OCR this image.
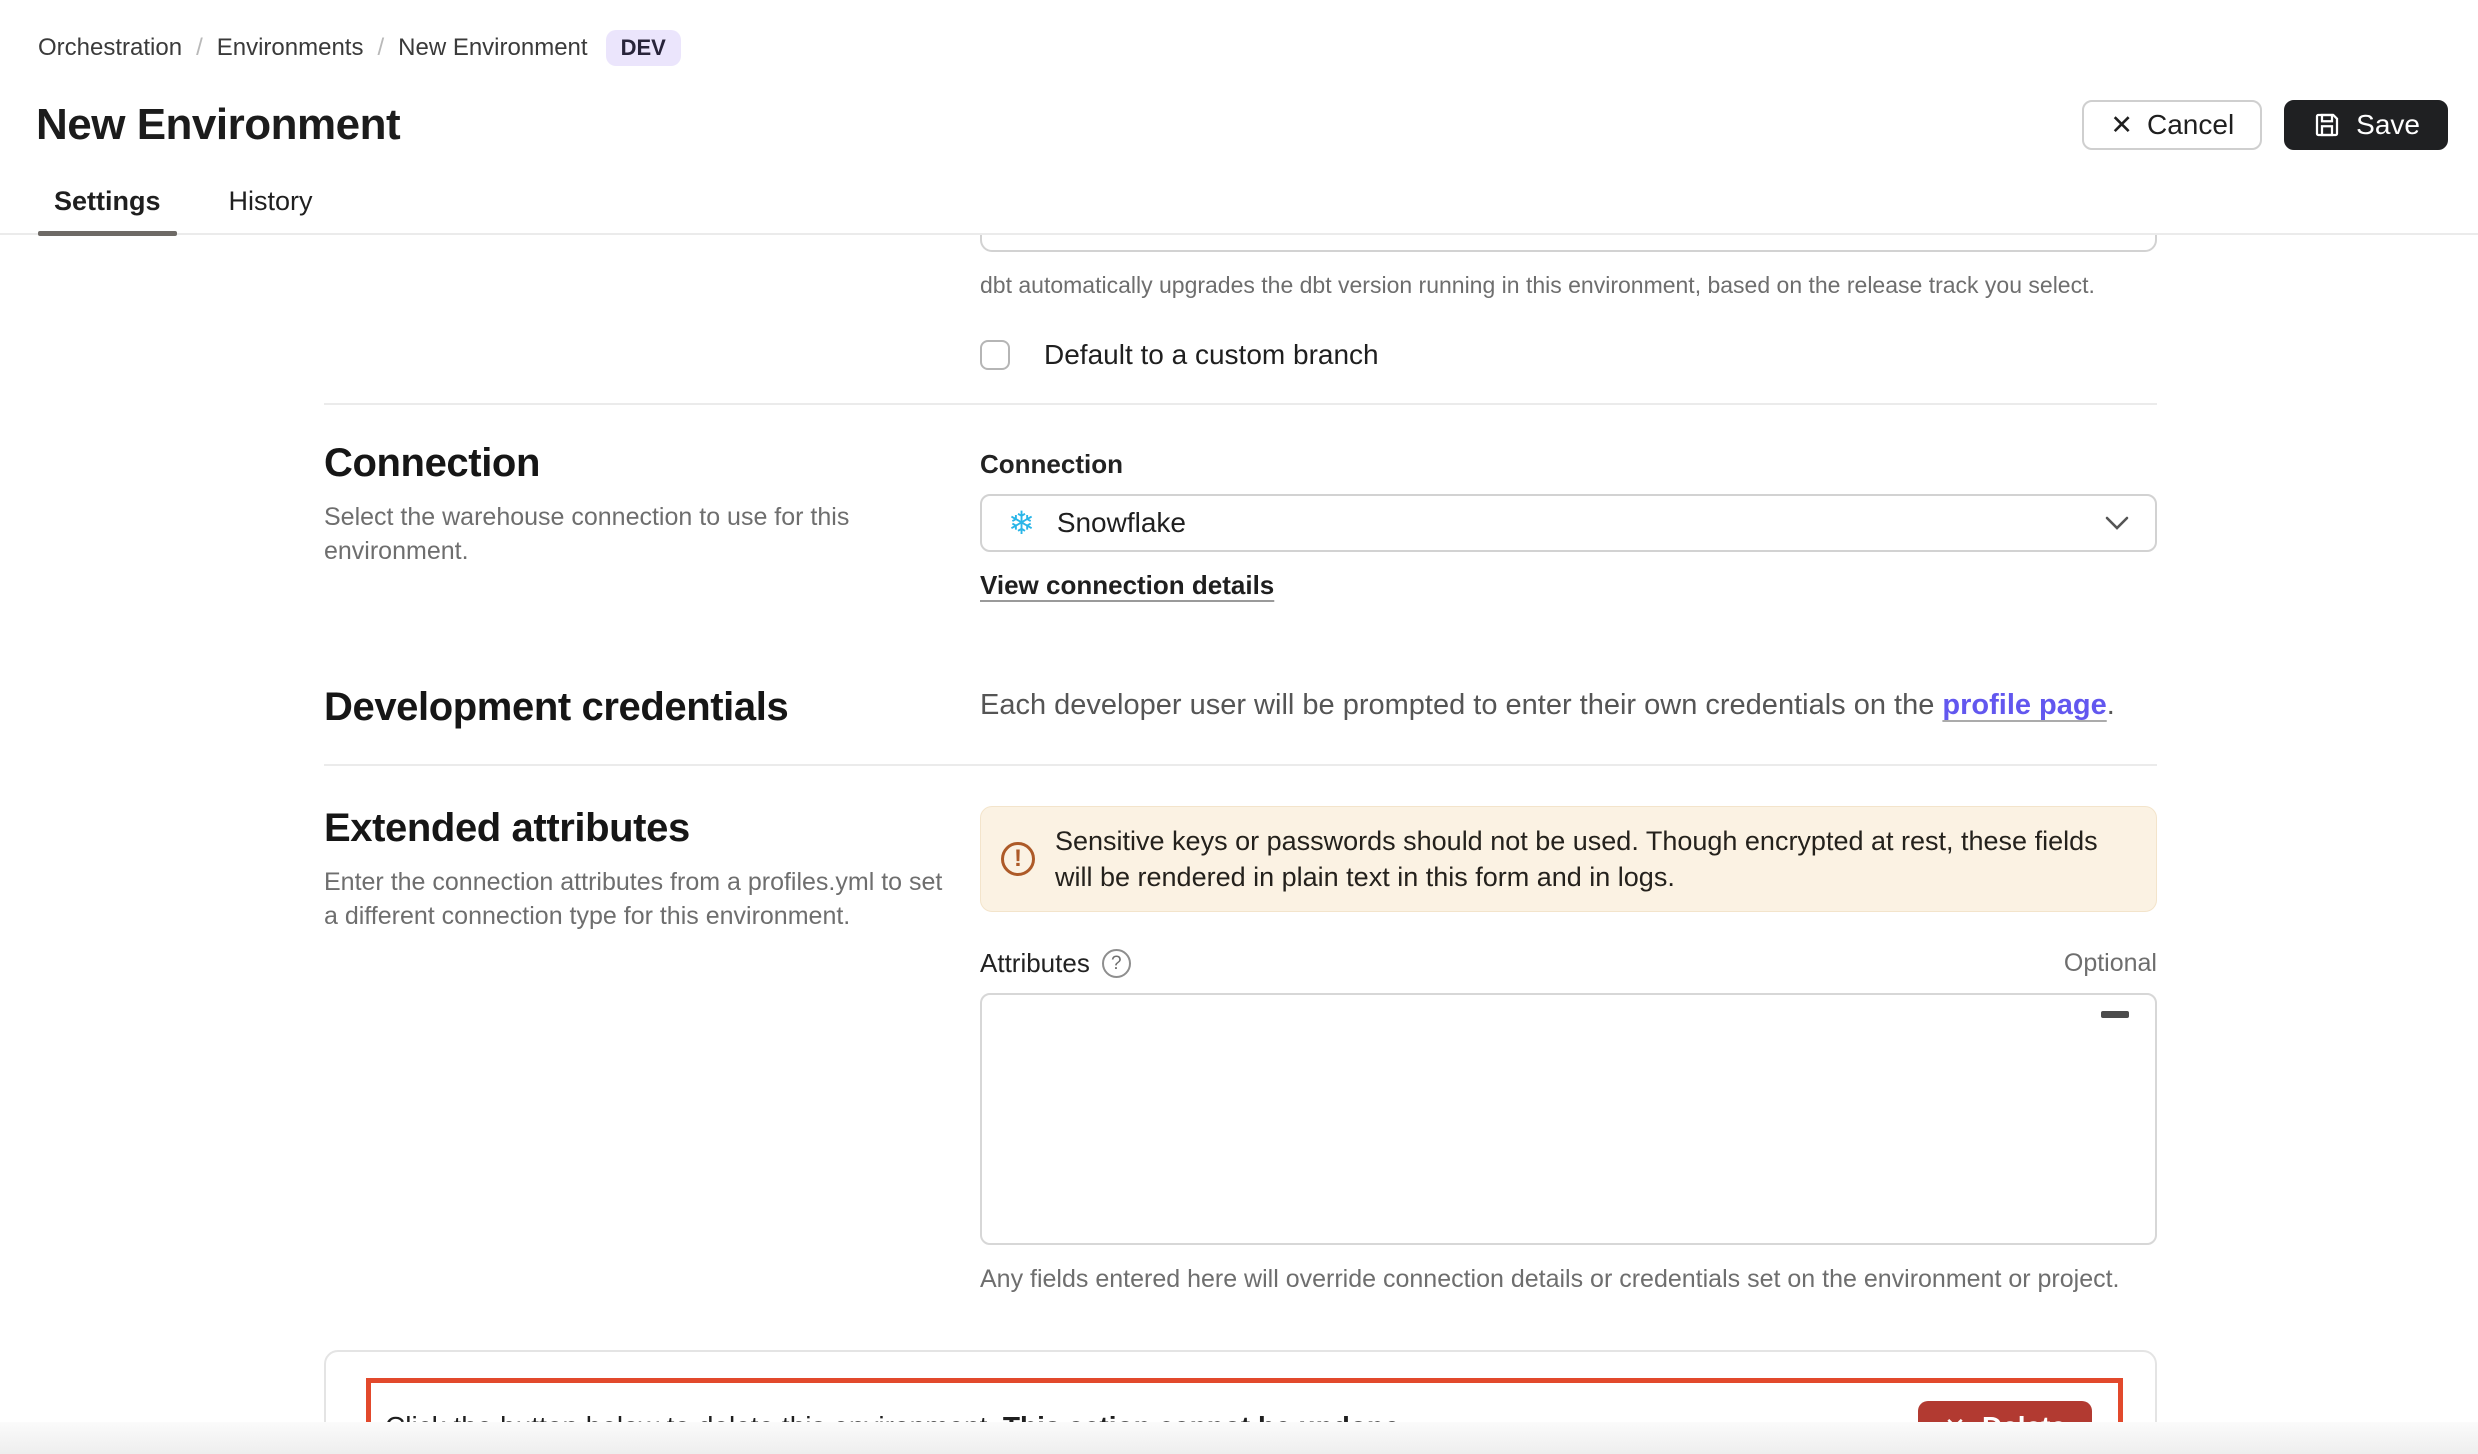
Orchestration / Environments / New Environment	DEV
New Environment	✕ Cancel	Save
Settings	History
dbt automatically upgrades the dbt version running in this environment, based on the release track you select.
Default to a custom branch
Connection
Select the warehouse connection to use for this environment.
Connection
❄ Snowflake
View connection details
Development credentials	Each developer user will be prompted to enter their own credentials on the profile page.
Extended attributes
Enter the connection attributes from a profiles.yml to set a different connection type for this environment.
!
Sensitive keys or passwords should not be used. Though encrypted at rest, these fields will be rendered in plain text in this form and in logs.
Attributes	?	Optional
Any fields entered here will override connection details or credentials set on the environment or project.
